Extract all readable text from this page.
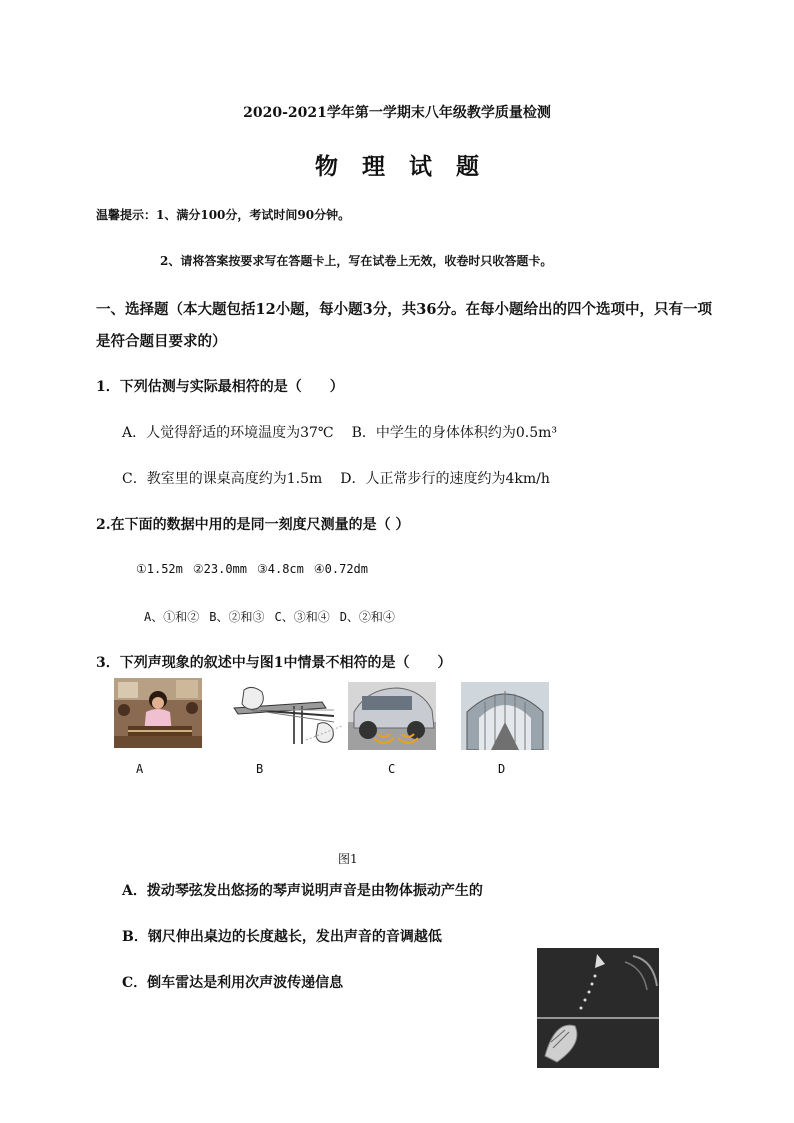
2020-2021学年第一学期末八年级教学质量检测
物理试题
温馨提示：1、满分100分，考试时间90分钟。
2、请将答案按要求写在答题卡上，写在试卷上无效，收卷时只收答题卡。
一、选择题（本大题包括12小题，每小题3分，共36分。在每小题给出的四个选项中，只有一项
是符合题目要求的）
1．下列估测与实际最相符的是（　　）
A．人觉得舒适的环境温度为37℃ B．中学生的身体体积约为0.5m³
C．教室里的课桌高度约为1.5m D．人正常步行的速度约为4km/h
2.在下面的数据中用的是同一刻度尺测量的是（ ）
①1.52m ②23.0mm ③4.8cm ④0.72dm
A、①和② B、②和③ C、③和④ D、②和④
3．下列声现象的叙述中与图1中情景不相符的是（　　）
A	B	C	D
图1
A．拨动琴弦发出悠扬的琴声说明声音是由物体振动产生的
B．钢尺伸出桌边的长度越长，发出声音的音调越低
C．倒车雷达是利用次声波传递信息
